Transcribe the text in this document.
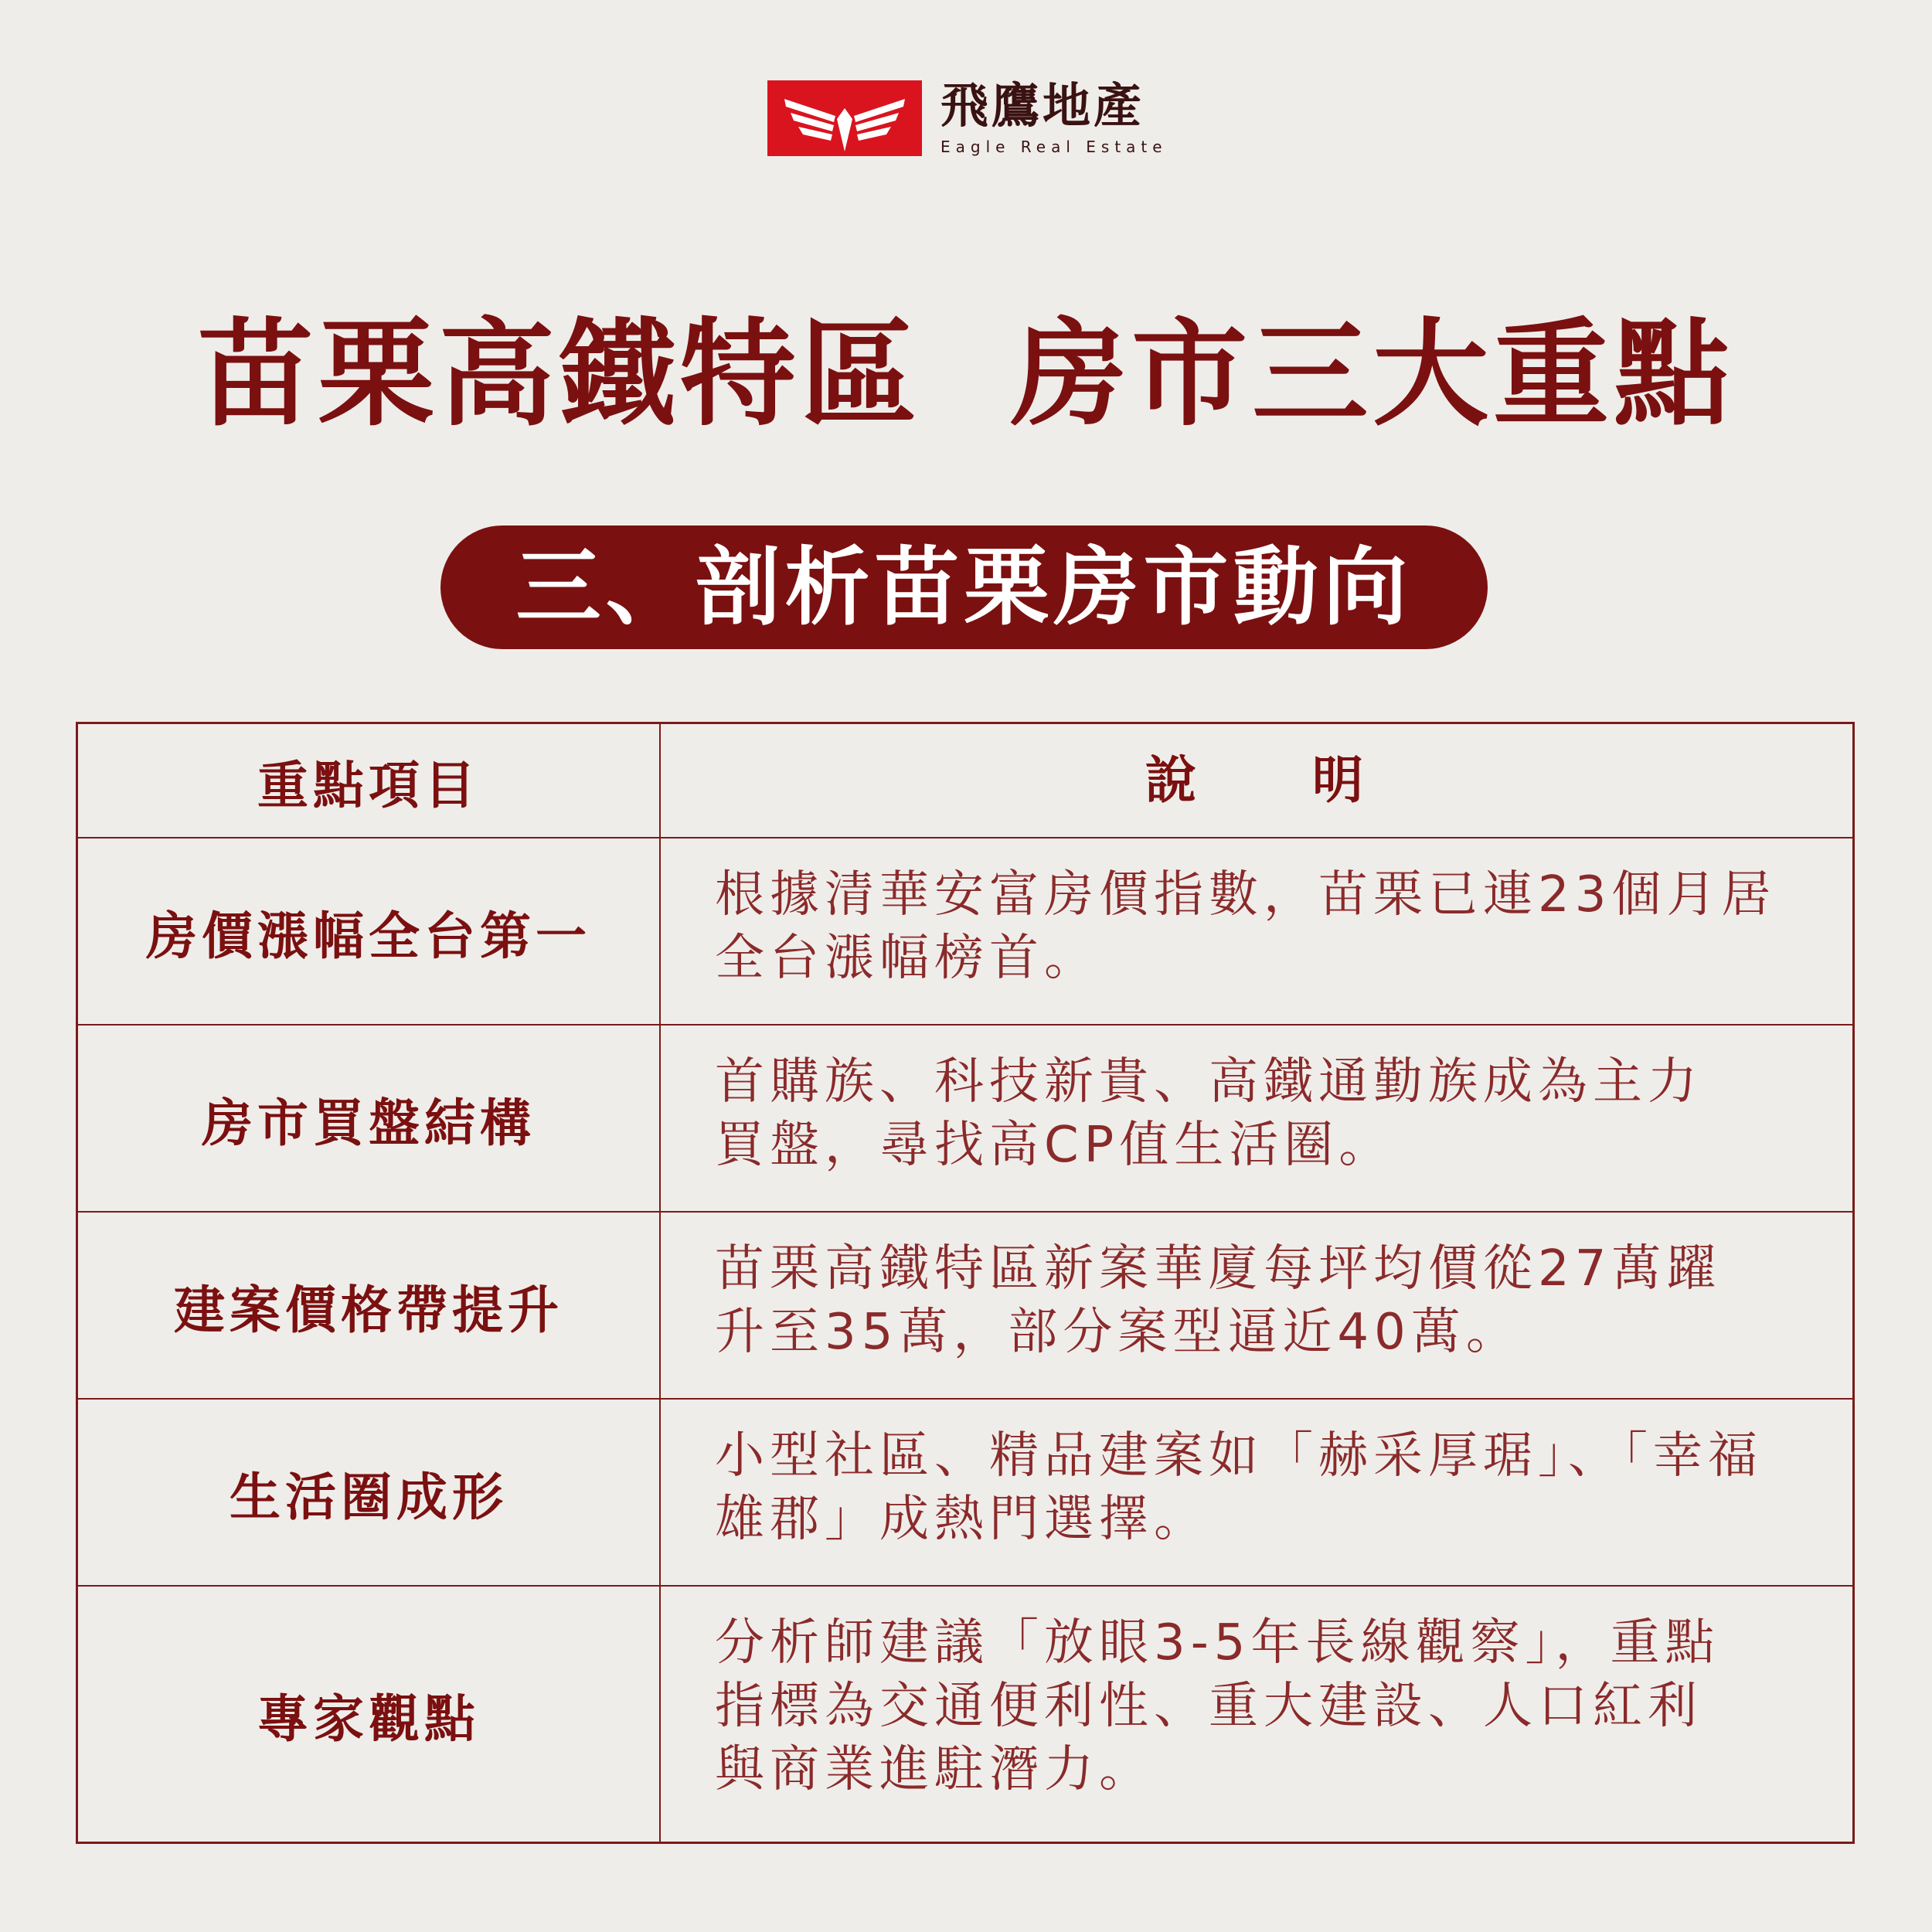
飛鷹地產
Eagle Real Estate
苗栗高鐵特區  房市三大重點
三、剖析苗栗房市動向
重點項目	說　　明
房價漲幅全台第一
根據清華安富房價指數，苗栗已連23個月居
全台漲幅榜首。
房市買盤結構
首購族、科技新貴、高鐵通勤族成為主力
買盤，尋找高CP值生活圈。
建案價格帶提升
苗栗高鐵特區新案華廈每坪均價從27萬躍
升至35萬，部分案型逼近40萬。
生活圈成形
小型社區、精品建案如「赫采厚琚」、「幸福
雄郡」成熱門選擇。
專家觀點
分析師建議「放眼3-5年長線觀察」，重點
指標為交通便利性、重大建設、人口紅利
與商業進駐潛力。
